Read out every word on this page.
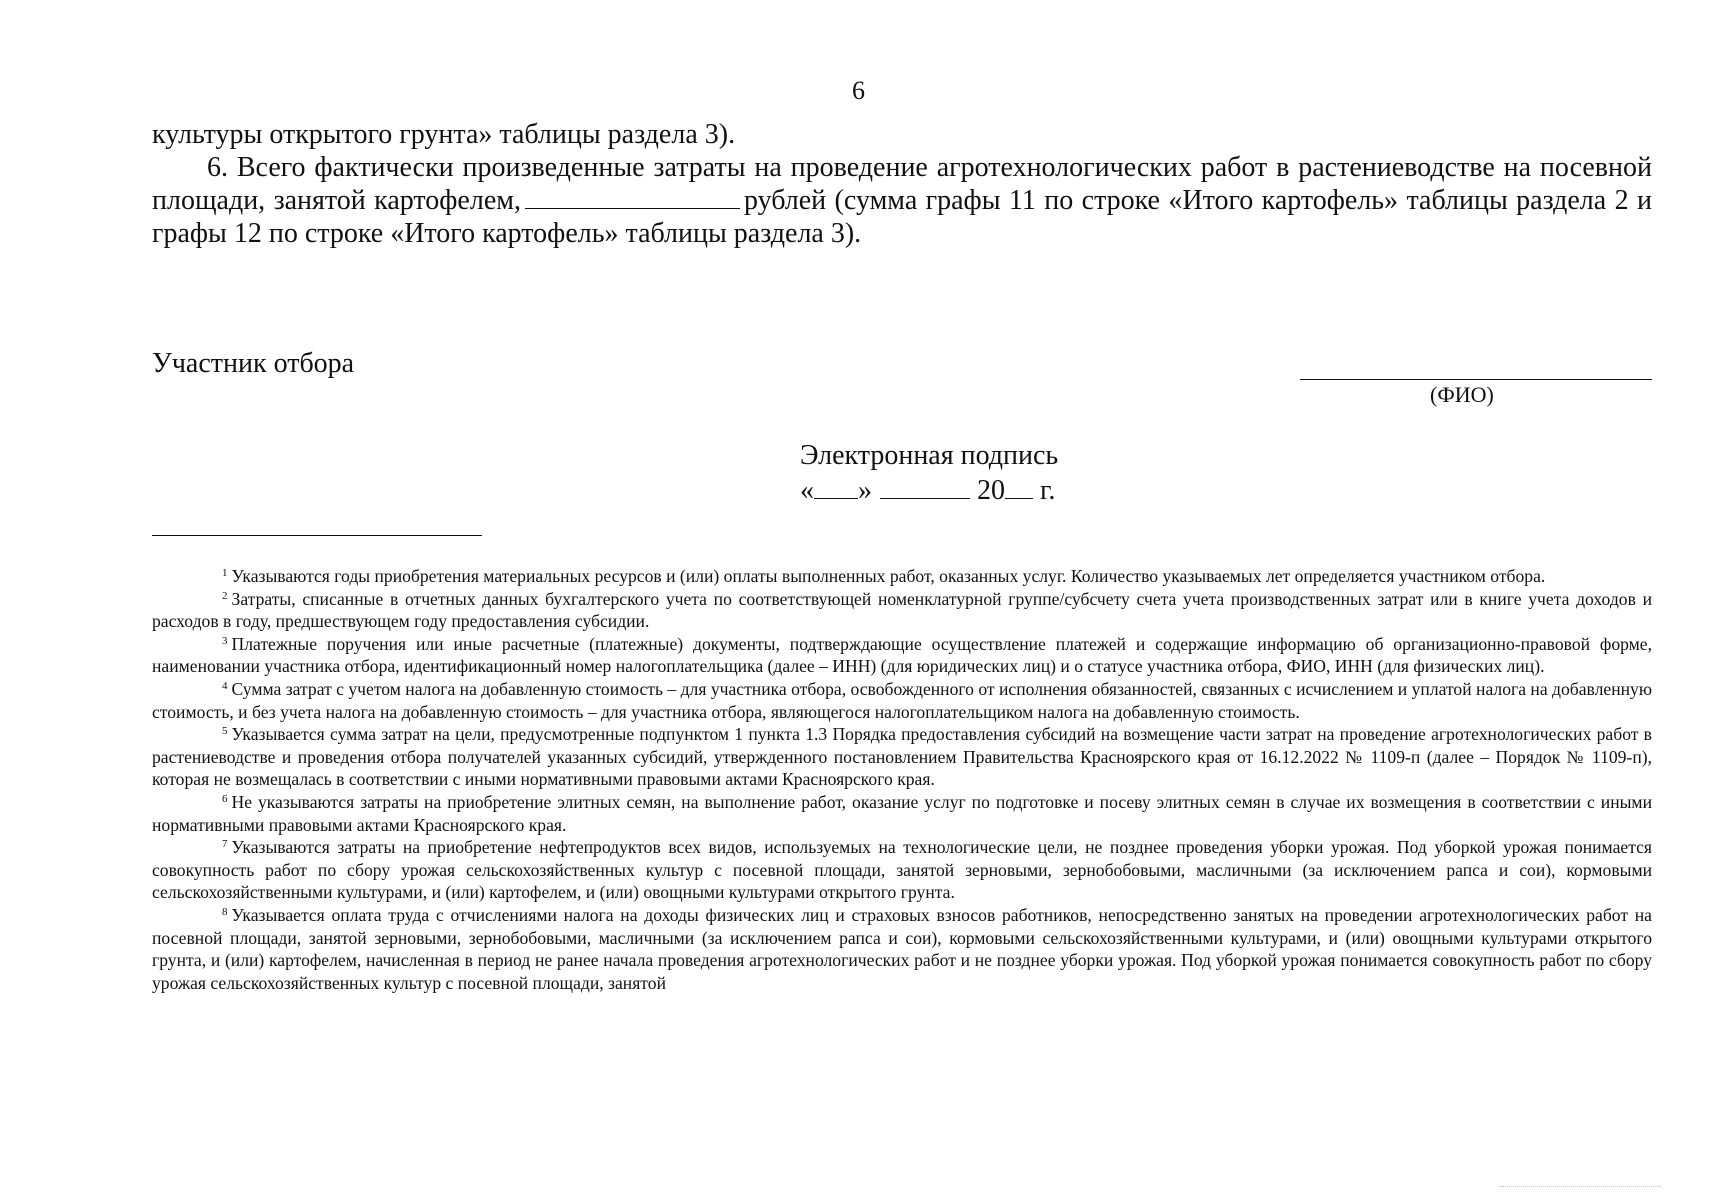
6

культуры открытого грунта» таблицы раздела 3).

6. Всего фактически произведенные затраты на проведение агротехнологических работ в растениеводстве на посевной площади, занятой картофелем,	рублей (сумма графы 11 по строке «Итого картофель» таблицы раздела 2 и графы 12 по строке «Итого картофель» таблицы раздела 3).

Участник отбора
(ФИО)
Электронная подпись
« »	20 г.

$^1$ Указываются годы приобретения материальных ресурсов и (или) оплаты выполненных работ, оказанных услуг. Количество указываемых лет определяется участником отбора.

$^2$ Затраты, списанные в отчетных данных бухгалтерского учета по соответствующей номенклатурной группе/субсчету счета учета производственных затрат или в книге учета доходов и расходов в году, предшествующем году предоставления субсидии.

$^3$ Платежные поручения или иные расчетные (платежные) документы, подтверждающие осуществление платежей и содержащие информацию об организационно-правовой форме, наименовании участника отбора, идентификационный номер налогоплательщика (далее – ИНН) (для юридических лиц) и о статусе участника отбора, ФИО, ИНН (для физических лиц).

$^4$ Сумма затрат с учетом налога на добавленную стоимость – для участника отбора, освобожденного от исполнения обязанностей, связанных с исчислением и уплатой налога на добавленную стоимость, и без учета налога на добавленную стоимость – для участника отбора, являющегося налогоплательщиком налога на добавленную стоимость.

$^5$ Указывается сумма затрат на цели, предусмотренные подпунктом 1 пункта 1.3 Порядка предоставления субсидий на возмещение части затрат на проведение агротехнологических работ в растениеводстве и проведения отбора получателей указанных субсидий, утвержденного постановлением Правительства Красноярского края от 16.12.2022 № 1109-п (далее – Порядок № 1109-п), которая не возмещалась в соответствии с иными нормативными правовыми актами Красноярского края.

$^6$ Не указываются затраты на приобретение элитных семян, на выполнение работ, оказание услуг по подготовке и посеву элитных семян в случае их возмещения в соответствии с иными нормативными правовыми актами Красноярского края.

$^7$ Указываются затраты на приобретение нефтепродуктов всех видов, используемых на технологические цели, не позднее проведения уборки урожая. Под уборкой урожая понимается совокупность работ по сбору урожая сельскохозяйственных культур с посевной площади, занятой зерновыми, зернобобовыми, масличными (за исключением рапса и сои), кормовыми сельскохозяйственными культурами, и (или) картофелем, и (или) овощными культурами открытого грунта.

$^8$ Указывается оплата труда с отчислениями налога на доходы физических лиц и страховых взносов работников, непосредственно занятых на проведении агротехнологических работ на посевной площади, занятой зерновыми, зернобобовыми, масличными (за исключением рапса и сои), кормовыми сельскохозяйственными культурами, и (или) овощными культурами открытого грунта, и (или) картофелем, начисленная в период не ранее начала проведения агротехнологических работ и не позднее уборки урожая. Под уборкой урожая понимается совокупность работ по сбору урожая сельскохозяйственных культур с посевной площади, занятой
